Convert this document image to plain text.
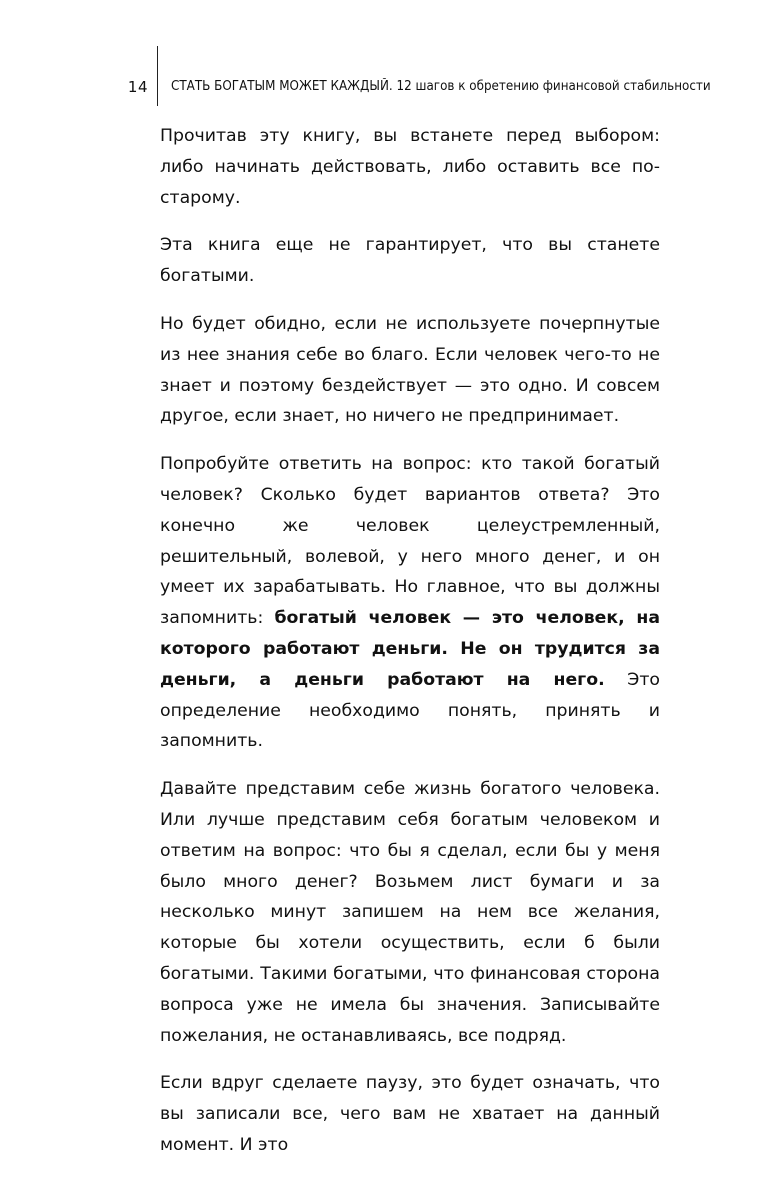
14 СТАТЬ БОГАТЫМ МОЖЕТ КАЖДЫЙ. 12 шагов к обретению финансовой стабильности

Прочитав эту книгу, вы встанете перед выбором: либо начинать действовать, либо оставить все по-старому.

Эта книга еще не гарантирует, что вы станете богатыми.

Но будет обидно, если не используете почерпнутые из нее знания себе во благо. Если человек чего-то не знает и поэтому бездействует — это одно. И совсем другое, если знает, но ничего не предпринимает.

Попробуйте ответить на вопрос: кто такой богатый человек? Сколько будет вариантов ответа? Это конечно же человек целеустремленный, решительный, волевой, у него много денег, и он умеет их зарабатывать. Но главное, что вы должны запомнить: богатый человек — это человек, на которого работают деньги. Не он трудится за деньги, а деньги работают на него. Это определение необходимо понять, принять и запомнить.

Давайте представим себе жизнь богатого человека. Или лучше представим себя богатым человеком и ответим на вопрос: что бы я сделал, если бы у меня было много денег? Возьмем лист бумаги и за несколько минут запишем на нем все желания, которые бы хотели осуществить, если б были богатыми. Такими богатыми, что финансовая сторона вопроса уже не имела бы значения. Записывайте пожелания, не останавливаясь, все подряд.

Если вдруг сделаете паузу, это будет означать, что вы записали все, чего вам не хватает на данный момент. И это
